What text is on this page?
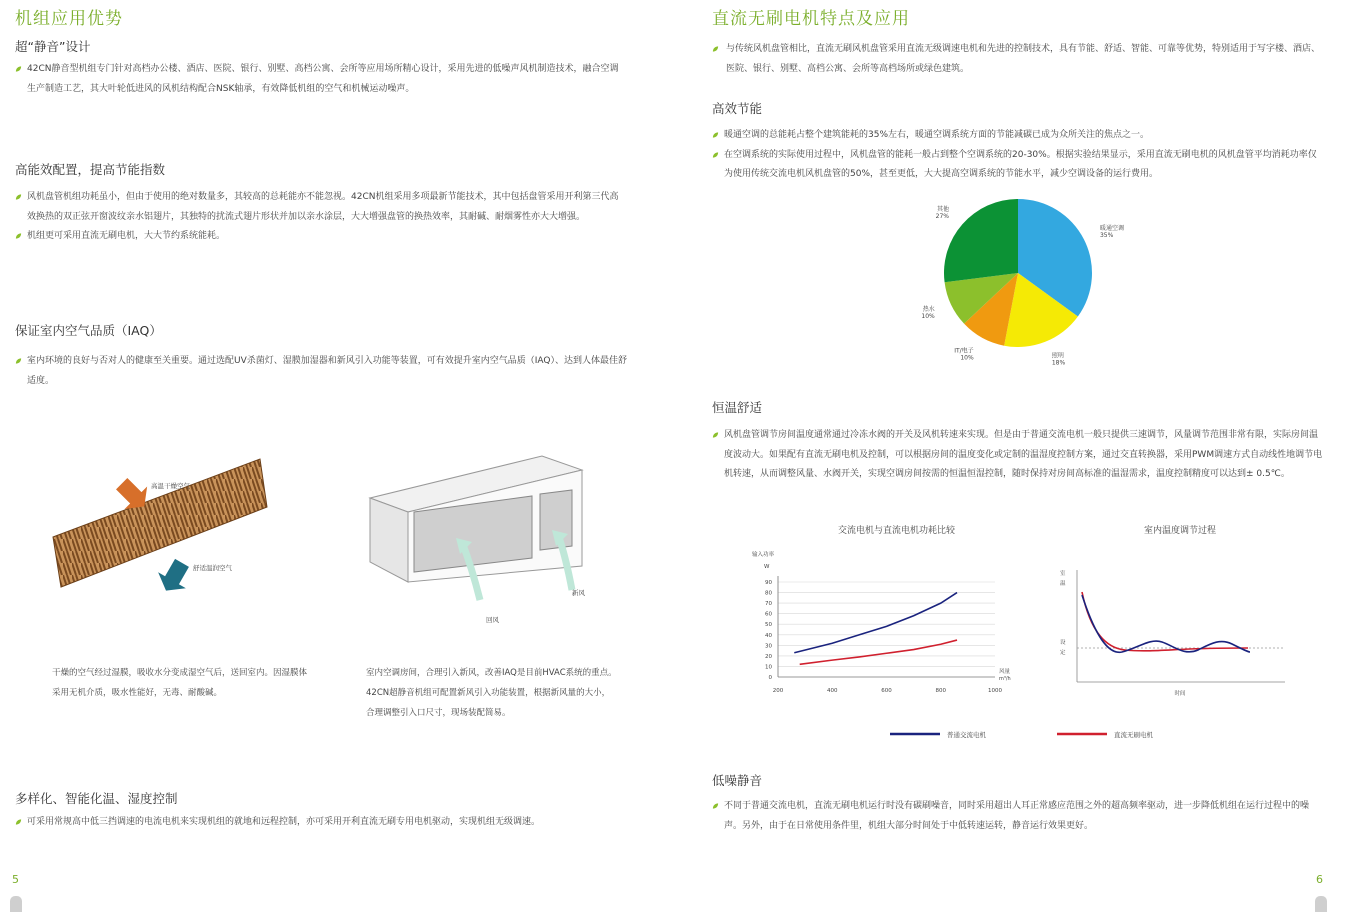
机组应用优势
超“静音”设计
42CN静音型机组专门针对高档办公楼、酒店、医院、银行、别墅、高档公寓、会所等应用场所精心设计，采用先进的低噪声风机制造技术，融合空调生产制造工艺，其大叶轮低进风的风机结构配合NSK轴承，有效降低机组的空气和机械运动噪声。
高能效配置，提高节能指数
风机盘管机组功耗虽小，但由于使用的绝对数量多，其较高的总耗能亦不能忽视。42CN机组采用多项最新节能技术，其中包括盘管采用开利第三代高效换热的双正弦开窗波纹亲水铝翅片，其独特的扰流式翅片形状并加以亲水涂层，大大增强盘管的换热效率，其耐碱、耐烟雾性亦大大增强。
机组更可采用直流无刷电机，大大节约系统能耗。
保证室内空气品质（IAQ）
室内环境的良好与否对人的健康至关重要。通过选配UV杀菌灯、湿膜加湿器和新风引入功能等装置，可有效提升室内空气品质（IAQ）、达到人体最佳舒适度。
高温干燥空气
舒适温润空气
回风
新风
干燥的空气经过湿膜，吸收水分变成湿空气后，送回室内。因湿膜体采用无机介质，吸水性能好，无毒、耐酸碱。
室内空调房间，合理引入新风，改善IAQ是目前HVAC系统的重点。42CN超静音机组可配置新风引入功能装置，根据新风量的大小，合理调整引入口尺寸，现场装配简易。
多样化、智能化温、湿度控制
可采用常规高中低三挡调速的电流电机来实现机组的就地和远程控制，亦可采用开利直流无刷专用电机驱动，实现机组无级调速。
5
直流无刷电机特点及应用
与传统风机盘管相比，直流无刷风机盘管采用直流无级调速电机和先进的控制技术，具有节能、舒适、智能、可靠等优势，特别适用于写字楼、酒店、医院、银行、别墅、高档公寓、会所等高档场所或绿色建筑。
高效节能
暖通空调的总能耗占整个建筑能耗的35%左右，暖通空调系统方面的节能减碳已成为众所关注的焦点之一。
在空调系统的实际使用过程中，风机盘管的能耗一般占到整个空调系统的20-30%。根据实验结果显示，采用直流无刷电机的风机盘管平均消耗功率仅为使用传统交流电机风机盘管的50%，甚至更低，大大提高空调系统的节能水平，减少空调设备的运行费用。
暖通空调
35%
照明
18%
IT/电子
10%
热水
10%
其他
27%
恒温舒适
风机盘管调节房间温度通常通过冷冻水阀的开关及风机转速来实现。但是由于普通交流电机一般只提供三速调节，风量调节范围非常有限，实际房间温度波动大。如果配有直流无刷电机及控制，可以根据房间的温度变化或定制的温湿度控制方案，通过交直转换器，采用PWM调速方式自动线性地调节电机转速，从而调整风量、水阀开关，实现空调房间按需的恒温恒湿控制，随时保持对房间高标准的温湿需求，温度控制精度可以达到± 0.5℃。
交流电机与直流电机功耗比较
输入功率
W
0
10
20
30
40
50
60
70
80
90
200	400	600	800	1000
风量
m³/h
室内温度调节过程
室
温
设
定
时间
普通交流电机	直流无刷电机
低噪静音
不同于普通交流电机，直流无刷电机运行时没有碳刷噪音，同时采用超出人耳正常感应范围之外的超高频率驱动，进一步降低机组在运行过程中的噪声。另外，由于在日常使用条件里，机组大部分时间处于中低转速运转，静音运行效果更好。
6
